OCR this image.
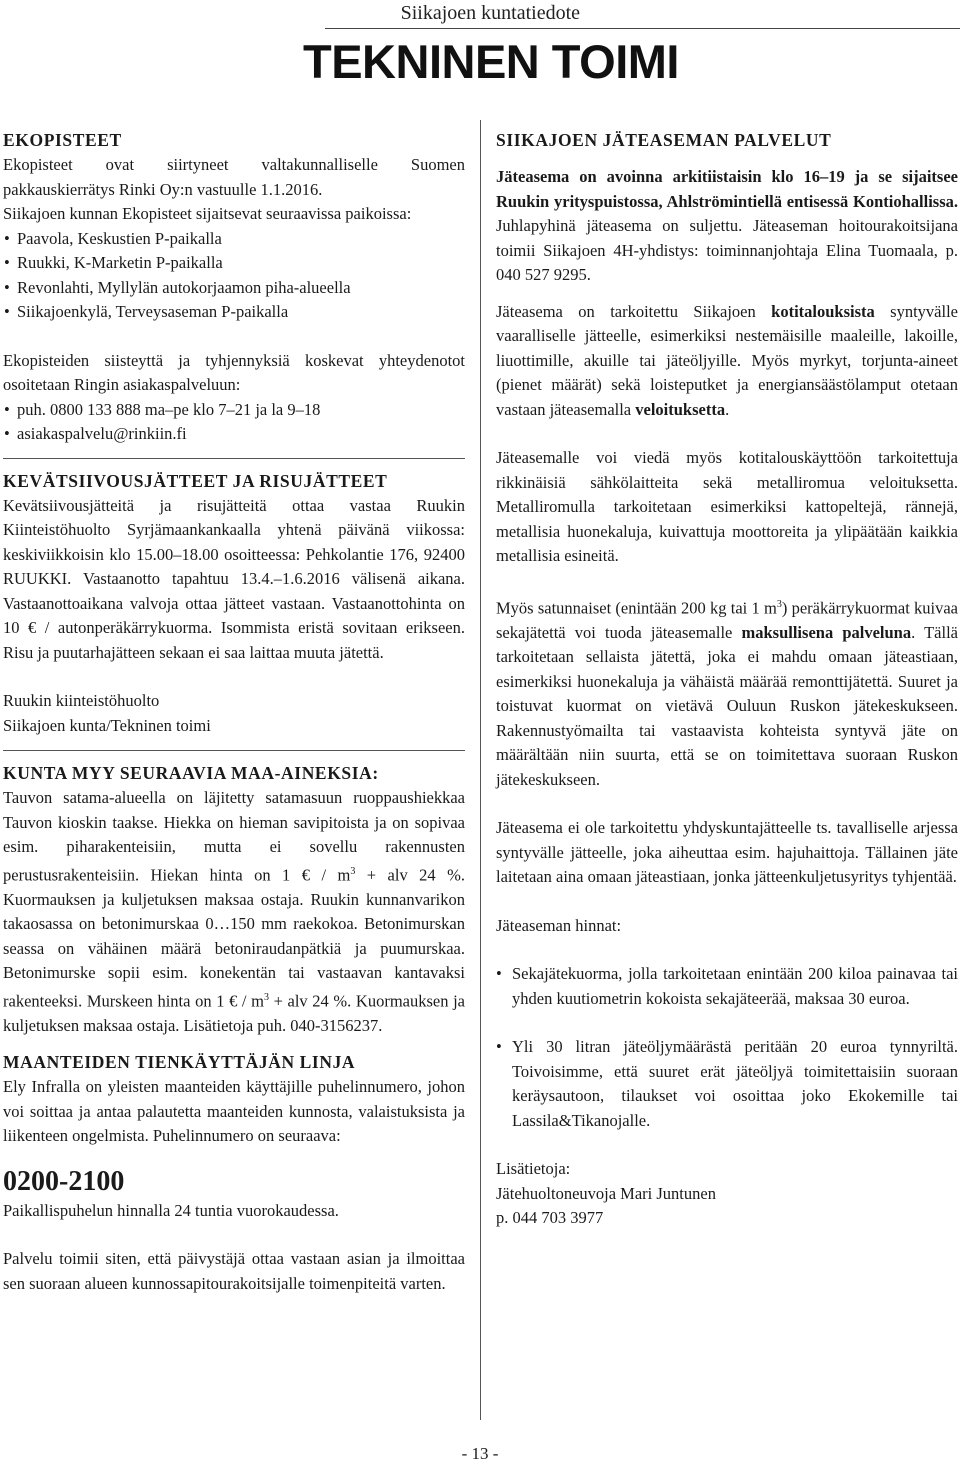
Siikajoen kuntatiedote
TEKNINEN TOIMI
EKOPISTEET

Ekopisteet ovat siirtyneet valtakunnalliselle Suomen pakkauskierrätys Rinki Oy:n vastuulle 1.1.2016.

Siikajoen kunnan Ekopisteet sijaitsevat seuraavissa paikoissa:

• Paavola, Keskustien P-paikalla
• Ruukki, K-Marketin P-paikalla
• Revonlahti, Myllylän autokorjaamon piha-alueella
• Siikajoenkylä, Terveysaseman P-paikalla

Ekopisteiden siisteyttä ja tyhjennyksiä koskevat yhteydenotot osoitetaan Ringin asiakaspalveluun:

• puh. 0800 133 888 ma–pe klo 7–21 ja la 9–18
• asiakaspalvelu@rinkiin.fi
KEVÄTSIIVOUSJÄTTEET JA RISUJÄTTEET

Kevätsiivousjätteitä ja risujätteitä ottaa vastaa Ruukin Kiinteistöhuolto Syrjämaankankaalla yhtenä päivänä viikossa: keskiviikkoisin klo 15.00–18.00 osoitteessa: Pehkolantie 176, 92400 RUUKKI. Vastaanotto tapahtuu 13.4.–1.6.2016 välisenä aikana. Vastaanottoaikana valvoja ottaa jätteet vastaan. Vastaanottohinta on 10 € / autonperäkärrykuorma. Isommista eristä sovitaan erikseen. Risu ja puutarhajätteen sekaan ei saa laittaa muuta jätettä.

Ruukin kiinteistöhuolto

Siikajoen kunta/Tekninen toimi

KUNTA MYY SEURAAVIA MAA-AINEKSIA:

Tauvon satama-alueella on läjitetty satamasuun ruoppaushiekkaa Tauvon kioskin taakse. Hiekka on hieman savipitoista ja on sopivaa esim. piharakenteisiin, mutta ei sovellu rakennusten perustusrakenteisiin. Hiekan hinta on 1 € / $m^3$ + alv 24 %. Kuormauksen ja kuljetuksen maksaa ostaja. Ruukin kunnanvarikon takaosassa on betonimurskaa 0…150 mm raekokoa. Betonimurskan seassa on vähäinen määrä betoniraudanpätkiä ja puumurskaa. Betonimurske sopii esim. konekentän tai vastaavan kantavaksi rakenteeksi. Murskeen hinta on 1 € / $m^3$ + alv 24 %. Kuormauksen ja kuljetuksen maksaa ostaja. Lisätietoja puh. 040-3156237.

MAANTEIDEN TIENKÄYTTÄJÄN LINJA

Ely Infralla on yleisten maanteiden käyttäjille puhelinnumero, johon voi soittaa ja antaa palautetta maanteiden kunnosta, valaistuksista ja liikenteen ongelmista. Puhelinnumero on seuraava:

0200-2100

Paikallispuhelun hinnalla 24 tuntia vuorokaudessa.

Palvelu toimii siten, että päivystäjä ottaa vastaan asian ja ilmoittaa sen suoraan alueen kunnossapitourakoitsijalle toimenpiteitä varten.

SIIKAJOEN JÄTEASEMAN PALVELUT

Jäteasema on avoinna arkitiistaisin klo 16–19 ja se sijaitsee Ruukin yrityspuistossa, Ahlströmintiellä entisessä Kontiohallissa. Juhlapyhinä jäteasema on suljettu. Jäteaseman hoitourakoitsijana toimii Siikajoen 4H-yhdistys: toiminnanjohtaja Elina Tuomaala, p. 040 527 9295.

Jäteasema on tarkoitettu Siikajoen kotitalouksista syntyvälle vaaralliselle jätteelle, esimerkiksi nestemäisille maaleille, lakoille, liuottimille, akuille tai jäteöljyille. Myös myrkyt, torjunta-aineet (pienet määrät) sekä loisteputket ja energiansäästölamput otetaan vastaan jäteasemalla veloituksetta.

Jäteasemalle voi viedä myös kotitalouskäyttöön tarkoitettuja rikkinäisiä sähkölaitteita sekä metalliromua veloituksetta. Metalliromulla tarkoitetaan esimerkiksi kattopeltejä, rännejä, metallisia huonekaluja, kuivattuja moottoreita ja ylipäätään kaikkia metallisia esineitä.

Myös satunnaiset (enintään 200 kg tai 1 $m^3$) peräkärrykuormat kuivaa sekajätettä voi tuoda jäteasemalle maksullisena palveluna. Tällä tarkoitetaan sellaista jätettä, joka ei mahdu omaan jäteastiaan, esimerkiksi huonekaluja ja vähäistä määrää remonttijätettä. Suuret ja toistuvat kuormat on vietävä Ouluun Ruskon jätekeskukseen. Rakennustyömailta tai vastaavista kohteista syntyvä jäte on määrältään niin suurta, että se on toimitettava suoraan Ruskon jätekeskukseen.

Jäteasema ei ole tarkoitettu yhdyskuntajätteelle ts. tavalliselle arjessa syntyvälle jätteelle, joka aiheuttaa esim. hajuhaittoja. Tällainen jäte laitetaan aina omaan jäteastiaan, jonka jätteenkuljetusyritys tyhjentää.

Jäteaseman hinnat:

• Sekajätekuorma, jolla tarkoitetaan enintään 200 kiloa painavaa tai yhden kuutiometrin kokoista sekajäteerää, maksaa 30 euroa.
• Yli 30 litran jäteöljymäärästä peritään 20 euroa tynnyriltä. Toivoisimme, että suuret erät jäteöljyä toimitettaisiin suoraan keräysautoon, tilaukset voi osoittaa joko Ekokemille tai Lassila&Tikanojalle.

Lisätietoja:

Jätehuoltoneuvoja Mari Juntunen

p. 044 703 3977

- 13 -
